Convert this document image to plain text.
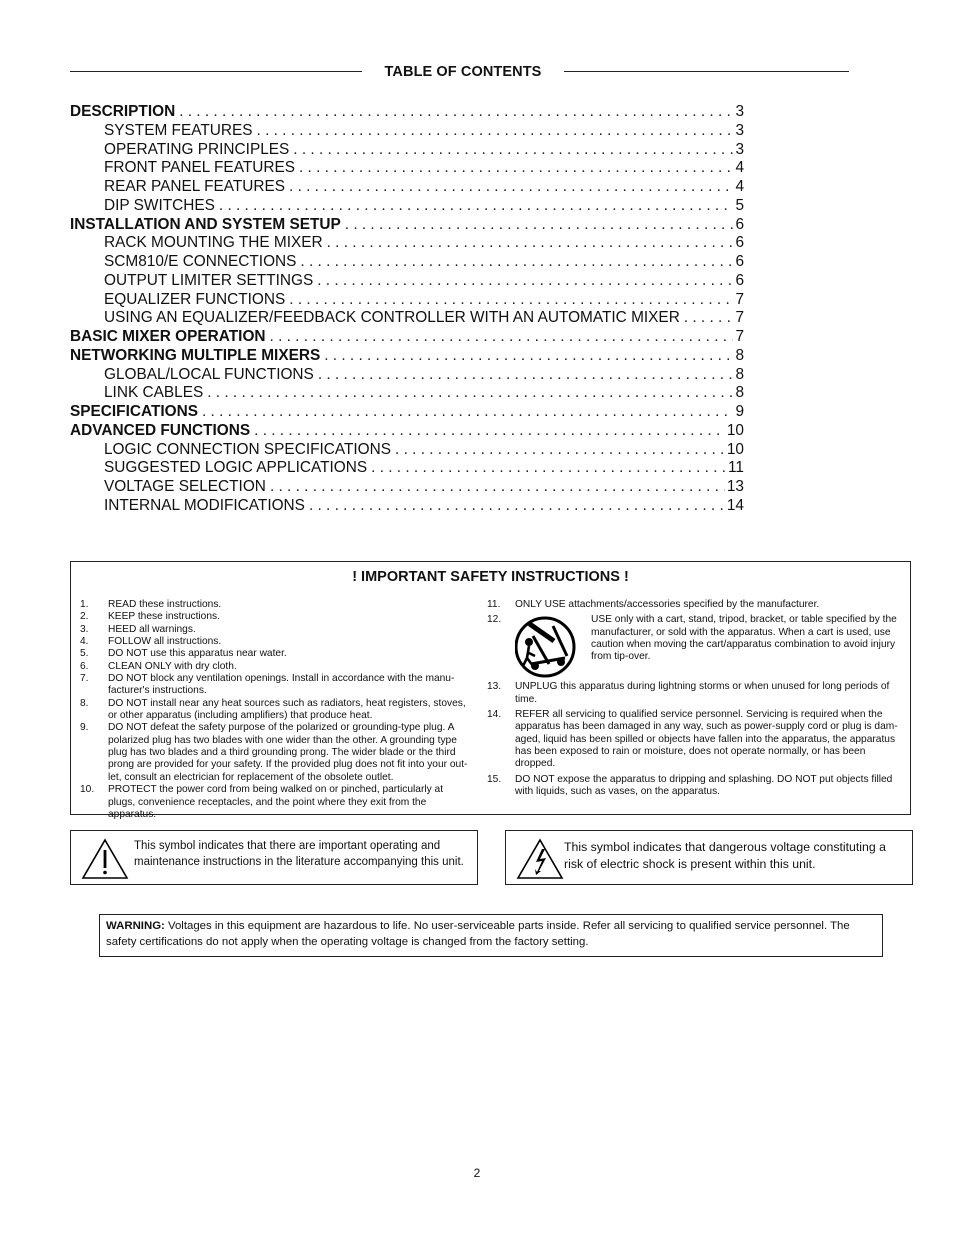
TABLE OF CONTENTS
DESCRIPTION . . .	3
SYSTEM FEATURES . . .	3
OPERATING PRINCIPLES . . .	3
FRONT PANEL FEATURES . . .	4
REAR PANEL FEATURES . . .	4
DIP SWITCHES . . .	5
INSTALLATION AND SYSTEM SETUP . . .	6
RACK MOUNTING THE MIXER . . .	6
SCM810/E CONNECTIONS . . .	6
OUTPUT LIMITER SETTINGS . . .	6
EQUALIZER FUNCTIONS . . .	7
USING AN EQUALIZER/FEEDBACK CONTROLLER WITH AN AUTOMATIC MIXER . . .	7
BASIC MIXER OPERATION . . .	7
NETWORKING MULTIPLE MIXERS . . .	8
GLOBAL/LOCAL FUNCTIONS . . .	8
LINK CABLES . . .	8
SPECIFICATIONS . . .	9
ADVANCED FUNCTIONS . . .	10
LOGIC CONNECTION SPECIFICATIONS . . .	10
SUGGESTED LOGIC APPLICATIONS . . .	11
VOLTAGE SELECTION . . .	13
INTERNAL MODIFICATIONS . . .	14
! IMPORTANT SAFETY INSTRUCTIONS !
1.	READ these instructions.
2.	KEEP these instructions.
3.	HEED all warnings.
4.	FOLLOW all instructions.
5.	DO NOT use this apparatus near water.
6.	CLEAN ONLY with dry cloth.
7.	DO NOT block any ventilation openings. Install in accordance with the manu-facturer's instructions.
8.	DO NOT install near any heat sources such as radiators, heat registers, stoves, or other apparatus (including amplifiers) that produce heat.
9.	DO NOT defeat the safety purpose of the polarized or grounding-type plug. A polarized plug has two blades with one wider than the other. A grounding type plug has two blades and a third grounding prong. The wider blade or the third prong are provided for your safety. If the provided plug does not fit into your out-let, consult an electrician for replacement of the obsolete outlet.
10.	PROTECT the power cord from being walked on or pinched, particularly at plugs, convenience receptacles, and the point where they exit from the apparatus.
11.	ONLY USE attachments/accessories specified by the manufacturer.
12.	USE only with a cart, stand, tripod, bracket, or table specified by the manufacturer, or sold with the apparatus. When a cart is used, use caution when moving the cart/apparatus combination to avoid injury from tip-over.
13.	UNPLUG this apparatus during lightning storms or when unused for long periods of time.
14.	REFER all servicing to qualified service personnel. Servicing is required when the apparatus has been damaged in any way, such as power-supply cord or plug is dam-aged, liquid has been spilled or objects have fallen into the apparatus, the apparatus has been exposed to rain or moisture, does not operate normally, or has been dropped.
15.	DO NOT expose the apparatus to dripping and splashing. DO NOT put objects filled with liquids, such as vases, on the apparatus.
This symbol indicates that there are important operating and maintenance instructions in the literature accompanying this unit.
This symbol indicates that dangerous voltage constituting a risk of electric shock is present within this unit.
WARNING: Voltages in this equipment are hazardous to life. No user-serviceable parts inside. Refer all servicing to qualified service personnel. The safety certifications do not apply when the operating voltage is changed from the factory setting.
2
